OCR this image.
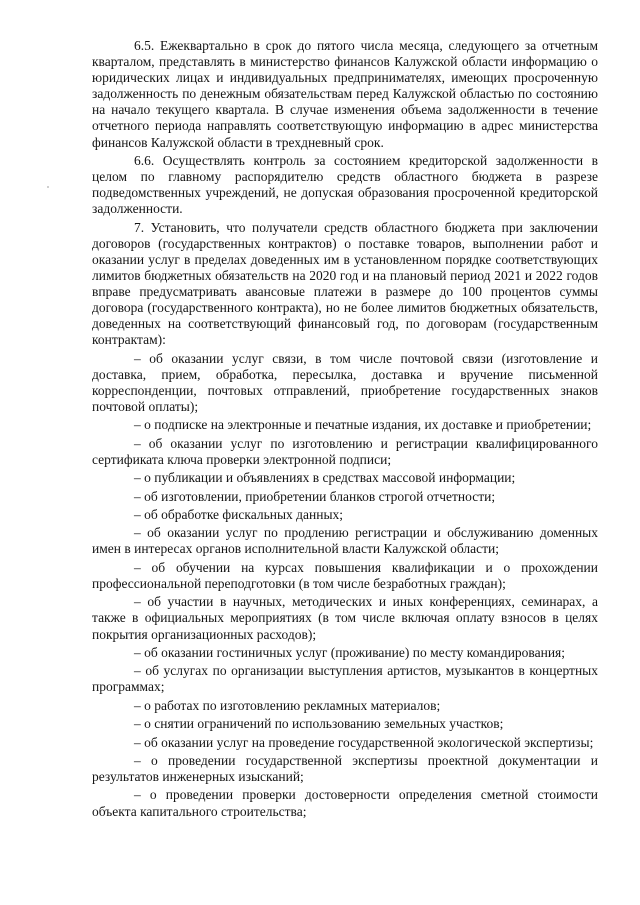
6.5. Ежеквартально в срок до пятого числа месяца, следующего за отчетным кварталом, представлять в министерство финансов Калужской области информацию о юридических лицах и индивидуальных предпринимателях, имеющих просроченную задолженность по денежным обязательствам перед Калужской областью по состоянию на начало текущего квартала. В случае изменения объема задолженности в течение отчетного периода направлять соответствующую информацию в адрес министерства финансов Калужской области в трехдневный срок.

6.6. Осуществлять контроль за состоянием кредиторской задолженности в целом по главному распорядителю средств областного бюджета в разрезе подведомственных учреждений, не допуская образования просроченной кредиторской задолженности.

7. Установить, что получатели средств областного бюджета при заключении договоров (государственных контрактов) о поставке товаров, выполнении работ и оказании услуг в пределах доведенных им в установленном порядке соответствующих лимитов бюджетных обязательств на 2020 год и на плановый период 2021 и 2022 годов вправе предусматривать авансовые платежи в размере до 100 процентов суммы договора (государственного контракта), но не более лимитов бюджетных обязательств, доведенных на соответствующий финансовый год, по договорам (государственным контрактам):

– об оказании услуг связи, в том числе почтовой связи (изготовление и доставка, прием, обработка, пересылка, доставка и вручение письменной корреспонденции, почтовых отправлений, приобретение государственных знаков почтовой оплаты);

– о подписке на электронные и печатные издания, их доставке и приобретении;

– об оказании услуг по изготовлению и регистрации квалифицированного сертификата ключа проверки электронной подписи;

– о публикации и объявлениях в средствах массовой информации;

– об изготовлении, приобретении бланков строгой отчетности;

– об обработке фискальных данных;

– об оказании услуг по продлению регистрации и обслуживанию доменных имен в интересах органов исполнительной власти Калужской области;

– об обучении на курсах повышения квалификации и о прохождении профессиональной переподготовки (в том числе безработных граждан);

– об участии в научных, методических и иных конференциях, семинарах, а также в официальных мероприятиях (в том числе включая оплату взносов в целях покрытия организационных расходов);

– об оказании гостиничных услуг (проживание) по месту командирования;

– об услугах по организации выступления артистов, музыкантов в концертных программах;

– о работах по изготовлению рекламных материалов;

– о снятии ограничений по использованию земельных участков;

– об оказании услуг на проведение государственной экологической экспертизы;

– о проведении государственной экспертизы проектной документации и результатов инженерных изысканий;

– о проведении проверки достоверности определения сметной стоимости объекта капитального строительства;
